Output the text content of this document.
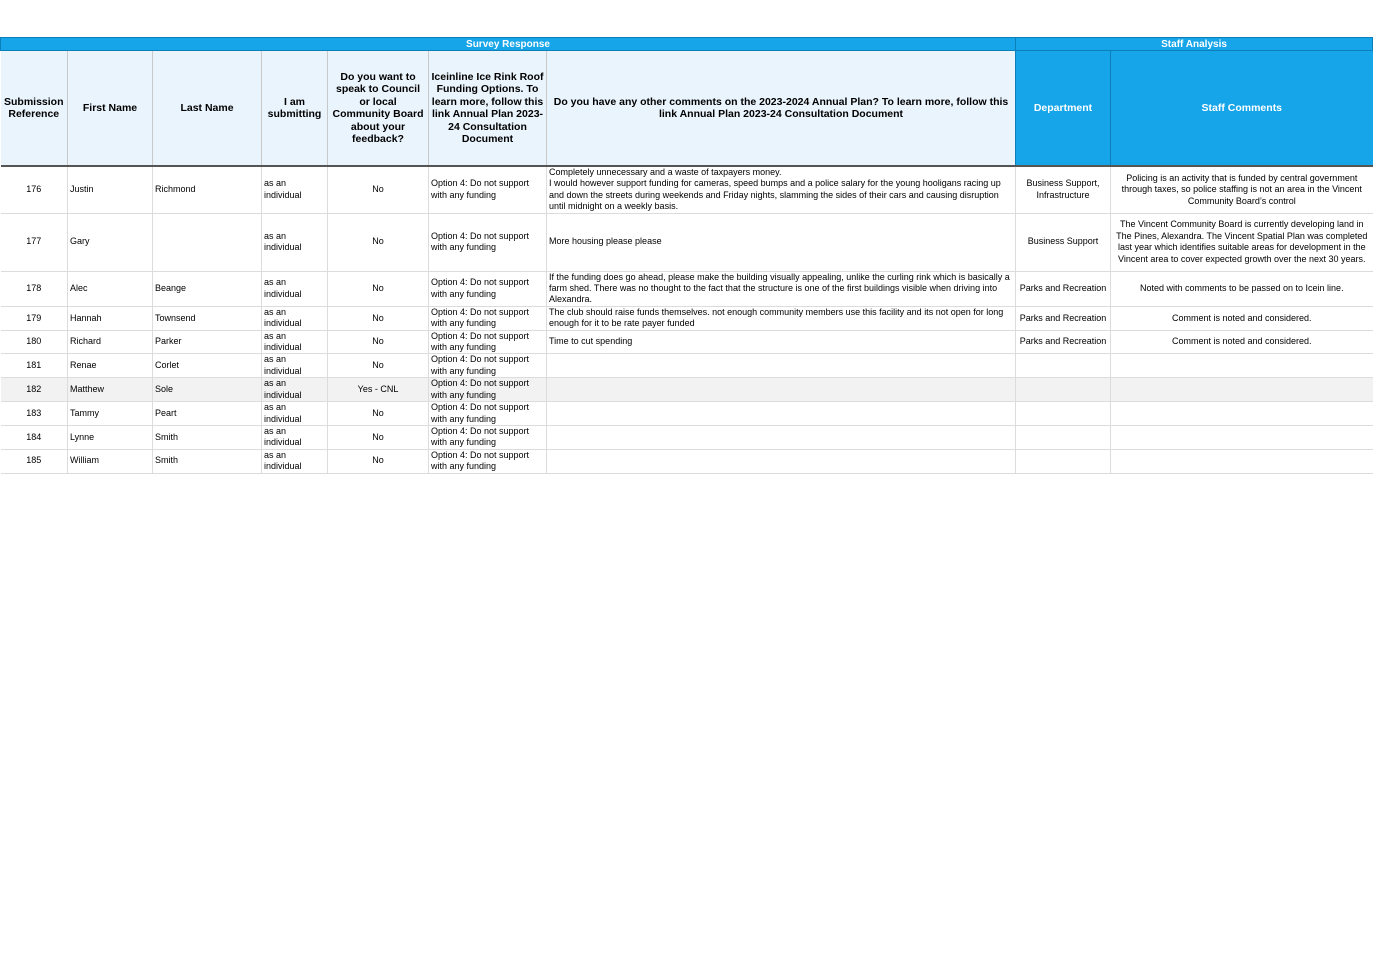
Survey Response							Staff Analysis	
Submission Reference	First Name	Last Name	I am submitting	Do you want to speak to Council or local Community Board about your feedback?	Iceinline Ice Rink Roof Funding Options. To learn more, follow this link Annual Plan 2023-24 Consultation Document	Do you have any other comments on the 2023-2024 Annual Plan? To learn more, follow this link Annual Plan 2023-24 Consultation Document	Department	Staff Comments
176	Justin	Richmond	as an individual	No	Option 4: Do not support with any funding	Completely unnecessary and a waste of taxpayers money.
I would however support funding for cameras, speed bumps and a police salary for the young hooligans racing up and down the streets during weekends and Friday nights, slamming the sides of their cars and causing disruption until midnight on a weekly basis.	Business Support, Infrastructure	Policing is an activity that is funded by central government through taxes, so police staffing is not an area in the Vincent Community Board’s control
177	Gary		as an individual	No	Option 4: Do not support with any funding	More housing please please	Business Support	The Vincent Community Board is currently developing land in The Pines, Alexandra. The Vincent Spatial Plan was completed last year which identifies suitable areas for development in the Vincent area to cover expected growth over the next 30 years.
178	Alec	Beange	as an individual	No	Option 4: Do not support with any funding	If the funding does go ahead, please make the building visually appealing, unlike the curling rink which is basically a farm shed. There was no thought to the fact that the structure is one of the first buildings visible when driving into Alexandra.	Parks and Recreation	Noted with comments to be passed on to Icein line.
179	Hannah	Townsend	as an individual	No	Option 4: Do not support with any funding	The club should raise funds themselves. not enough community members use this facility and its not open for long enough for it to be rate payer funded	Parks and Recreation	Comment is noted and considered.
180	Richard	Parker	as an individual	No	Option 4: Do not support with any funding	Time to cut spending	Parks and Recreation	Comment is noted and considered.
181	Renae	Corlet	as an individual	No	Option 4: Do not support with any funding			
182	Matthew	Sole	as an individual	Yes - CNL	Option 4: Do not support with any funding			
183	Tammy	Peart	as an individual	No	Option 4: Do not support with any funding			
184	Lynne	Smith	as an individual	No	Option 4: Do not support with any funding			
185	William	Smith	as an individual	No	Option 4: Do not support with any funding			
